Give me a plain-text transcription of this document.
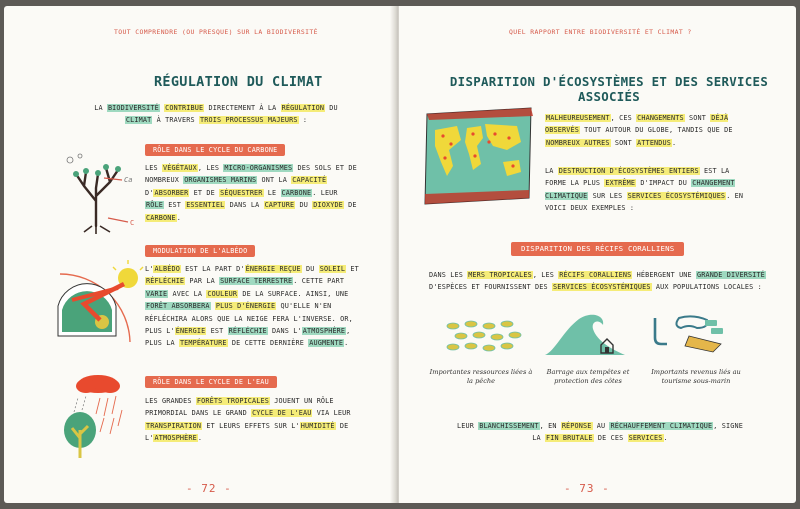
TOUT COMPRENDRE (OU PRESQUE) SUR LA BIODIVERSITÉ
RÉGULATION DU CLIMAT
LA BIODIVERSITÉ CONTRIBUE DIRECTEMENT À LA RÉGULATION DU CLIMAT À TRAVERS TROIS PROCESSUS MAJEURS :
Ca
C
RÔLE DANS LE CYCLE DU CARBONE
LES VÉGÉTAUX, LES MICRO-ORGANISMES DES SOLS ET DE NOMBREUX ORGANISMES MARINS ONT LA CAPACITÉ D'ABSORBER ET DE SÉQUESTRER LE CARBONE. LEUR RÔLE EST ESSENTIEL DANS LA CAPTURE DU DIOXYDE DE CARBONE.
MODULATION DE L'ALBÉDO
L'ALBÉDO EST LA PART D'ÉNERGIE REÇUE DU SOLEIL ET RÉFLÉCHIE PAR LA SURFACE TERRESTRE. CETTE PART VARIE AVEC LA COULEUR DE LA SURFACE. AINSI, UNE FORÊT ABSORBERA PLUS D'ÉNERGIE QU'ELLE N'EN RÉFLÉCHIRA ALORS QUE LA NEIGE FERA L'INVERSE. OR, PLUS L'ÉNERGIE EST RÉFLÉCHIE DANS L'ATMOSPHÈRE, PLUS LA TEMPÉRATURE DE CETTE DERNIÈRE AUGMENTE.
RÔLE DANS LE CYCLE DE L'EAU
LES GRANDES FORÊTS TROPICALES JOUENT UN RÔLE PRIMORDIAL DANS LE GRAND CYCLE DE L'EAU VIA LEUR TRANSPIRATION ET LEURS EFFETS SUR L'HUMIDITÉ DE L'ATMOSPHÈRE.
- 72 -
QUEL RAPPORT ENTRE BIODIVERSITÉ ET CLIMAT ?
DISPARITION D'ÉCOSYSTÈMES ET DES SERVICES ASSOCIÉS
MALHEUREUSEMENT, CES CHANGEMENTS SONT DÉJÀ OBSERVÉS TOUT AUTOUR DU GLOBE, TANDIS QUE DE NOMBREUX AUTRES SONT ATTENDUS.
LA DESTRUCTION D'ÉCOSYSTÈMES ENTIERS EST LA FORME LA PLUS EXTRÊME D'IMPACT DU CHANGEMENT CLIMATIQUE SUR LES SERVICES ÉCOSYSTÉMIQUES. EN VOICI DEUX EXEMPLES :
DISPARITION DES RÉCIFS CORALLIENS
DANS LES MERS TROPICALES, LES RÉCIFS CORALLIENS HÉBERGENT UNE GRANDE DIVERSITÉ D'ESPÈCES ET FOURNISSENT DES SERVICES ÉCOSYSTÉMIQUES AUX POPULATIONS LOCALES :
Importantes ressources liées à la pêche
Barrage aux tempêtes et protection des côtes
Importants revenus liés au tourisme sous-marin
LEUR BLANCHISSEMENT, EN RÉPONSE AU RÉCHAUFFEMENT CLIMATIQUE, SIGNE LA FIN BRUTALE DE CES SERVICES.
- 73 -
